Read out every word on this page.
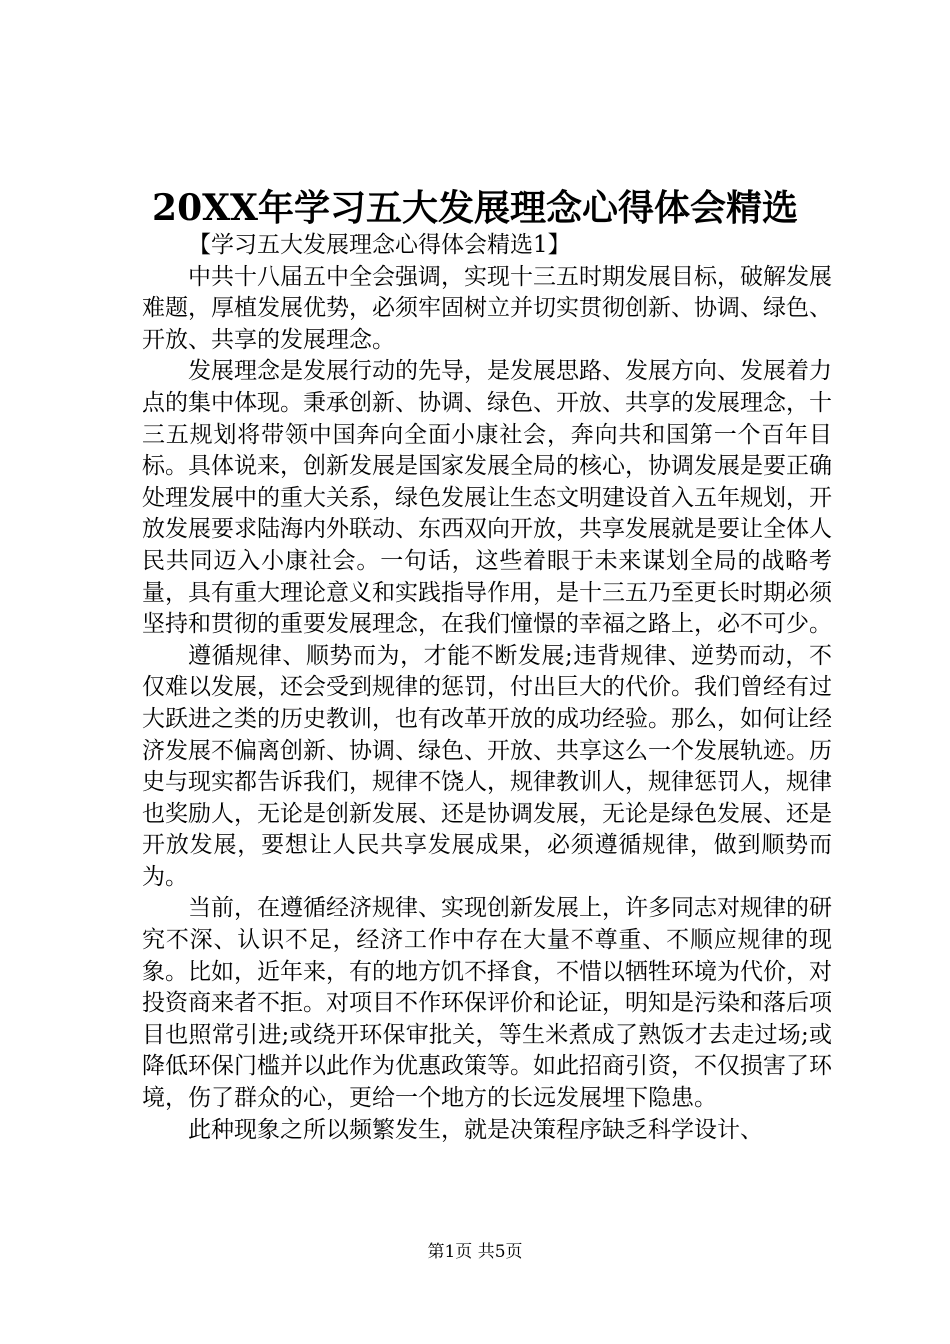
20XX年学习五大发展理念心得体会精选

【学习五大发展理念心得体会精选1】

中共十八届五中全会强调，实现十三五时期发展目标，破解发展难题，厚植发展优势，必须牢固树立并切实贯彻创新、协调、绿色、开放、共享的发展理念。

发展理念是发展行动的先导，是发展思路、发展方向、发展着力点的集中体现。秉承创新、协调、绿色、开放、共享的发展理念，十三五规划将带领中国奔向全面小康社会，奔向共和国第一个百年目标。具体说来，创新发展是国家发展全局的核心，协调发展是要正确处理发展中的重大关系，绿色发展让生态文明建设首入五年规划，开放发展要求陆海内外联动、东西双向开放，共享发展就是要让全体人民共同迈入小康社会。一句话，这些着眼于未来谋划全局的战略考量，具有重大理论意义和实践指导作用，是十三五乃至更长时期必须坚持和贯彻的重要发展理念，在我们憧憬的幸福之路上，必不可少。

遵循规律、顺势而为，才能不断发展;违背规律、逆势而动，不仅难以发展，还会受到规律的惩罚，付出巨大的代价。我们曾经有过大跃进之类的历史教训，也有改革开放的成功经验。那么，如何让经济发展不偏离创新、协调、绿色、开放、共享这么一个发展轨迹。历史与现实都告诉我们，规律不饶人，规律教训人，规律惩罚人，规律也奖励人，无论是创新发展、还是协调发展，无论是绿色发展、还是开放发展，要想让人民共享发展成果，必须遵循规律，做到顺势而为。

当前，在遵循经济规律、实现创新发展上，许多同志对规律的研究不深、认识不足，经济工作中存在大量不尊重、不顺应规律的现象。比如，近年来，有的地方饥不择食，不惜以牺牲环境为代价，对投资商来者不拒。对项目不作环保评价和论证，明知是污染和落后项目也照常引进;或绕开环保审批关，等生米煮成了熟饭才去走过场;或降低环保门槛并以此作为优惠政策等。如此招商引资，不仅损害了环境，伤了群众的心，更给一个地方的长远发展埋下隐患。

此种现象之所以频繁发生，就是决策程序缺乏科学设计、

第1页 共5页
